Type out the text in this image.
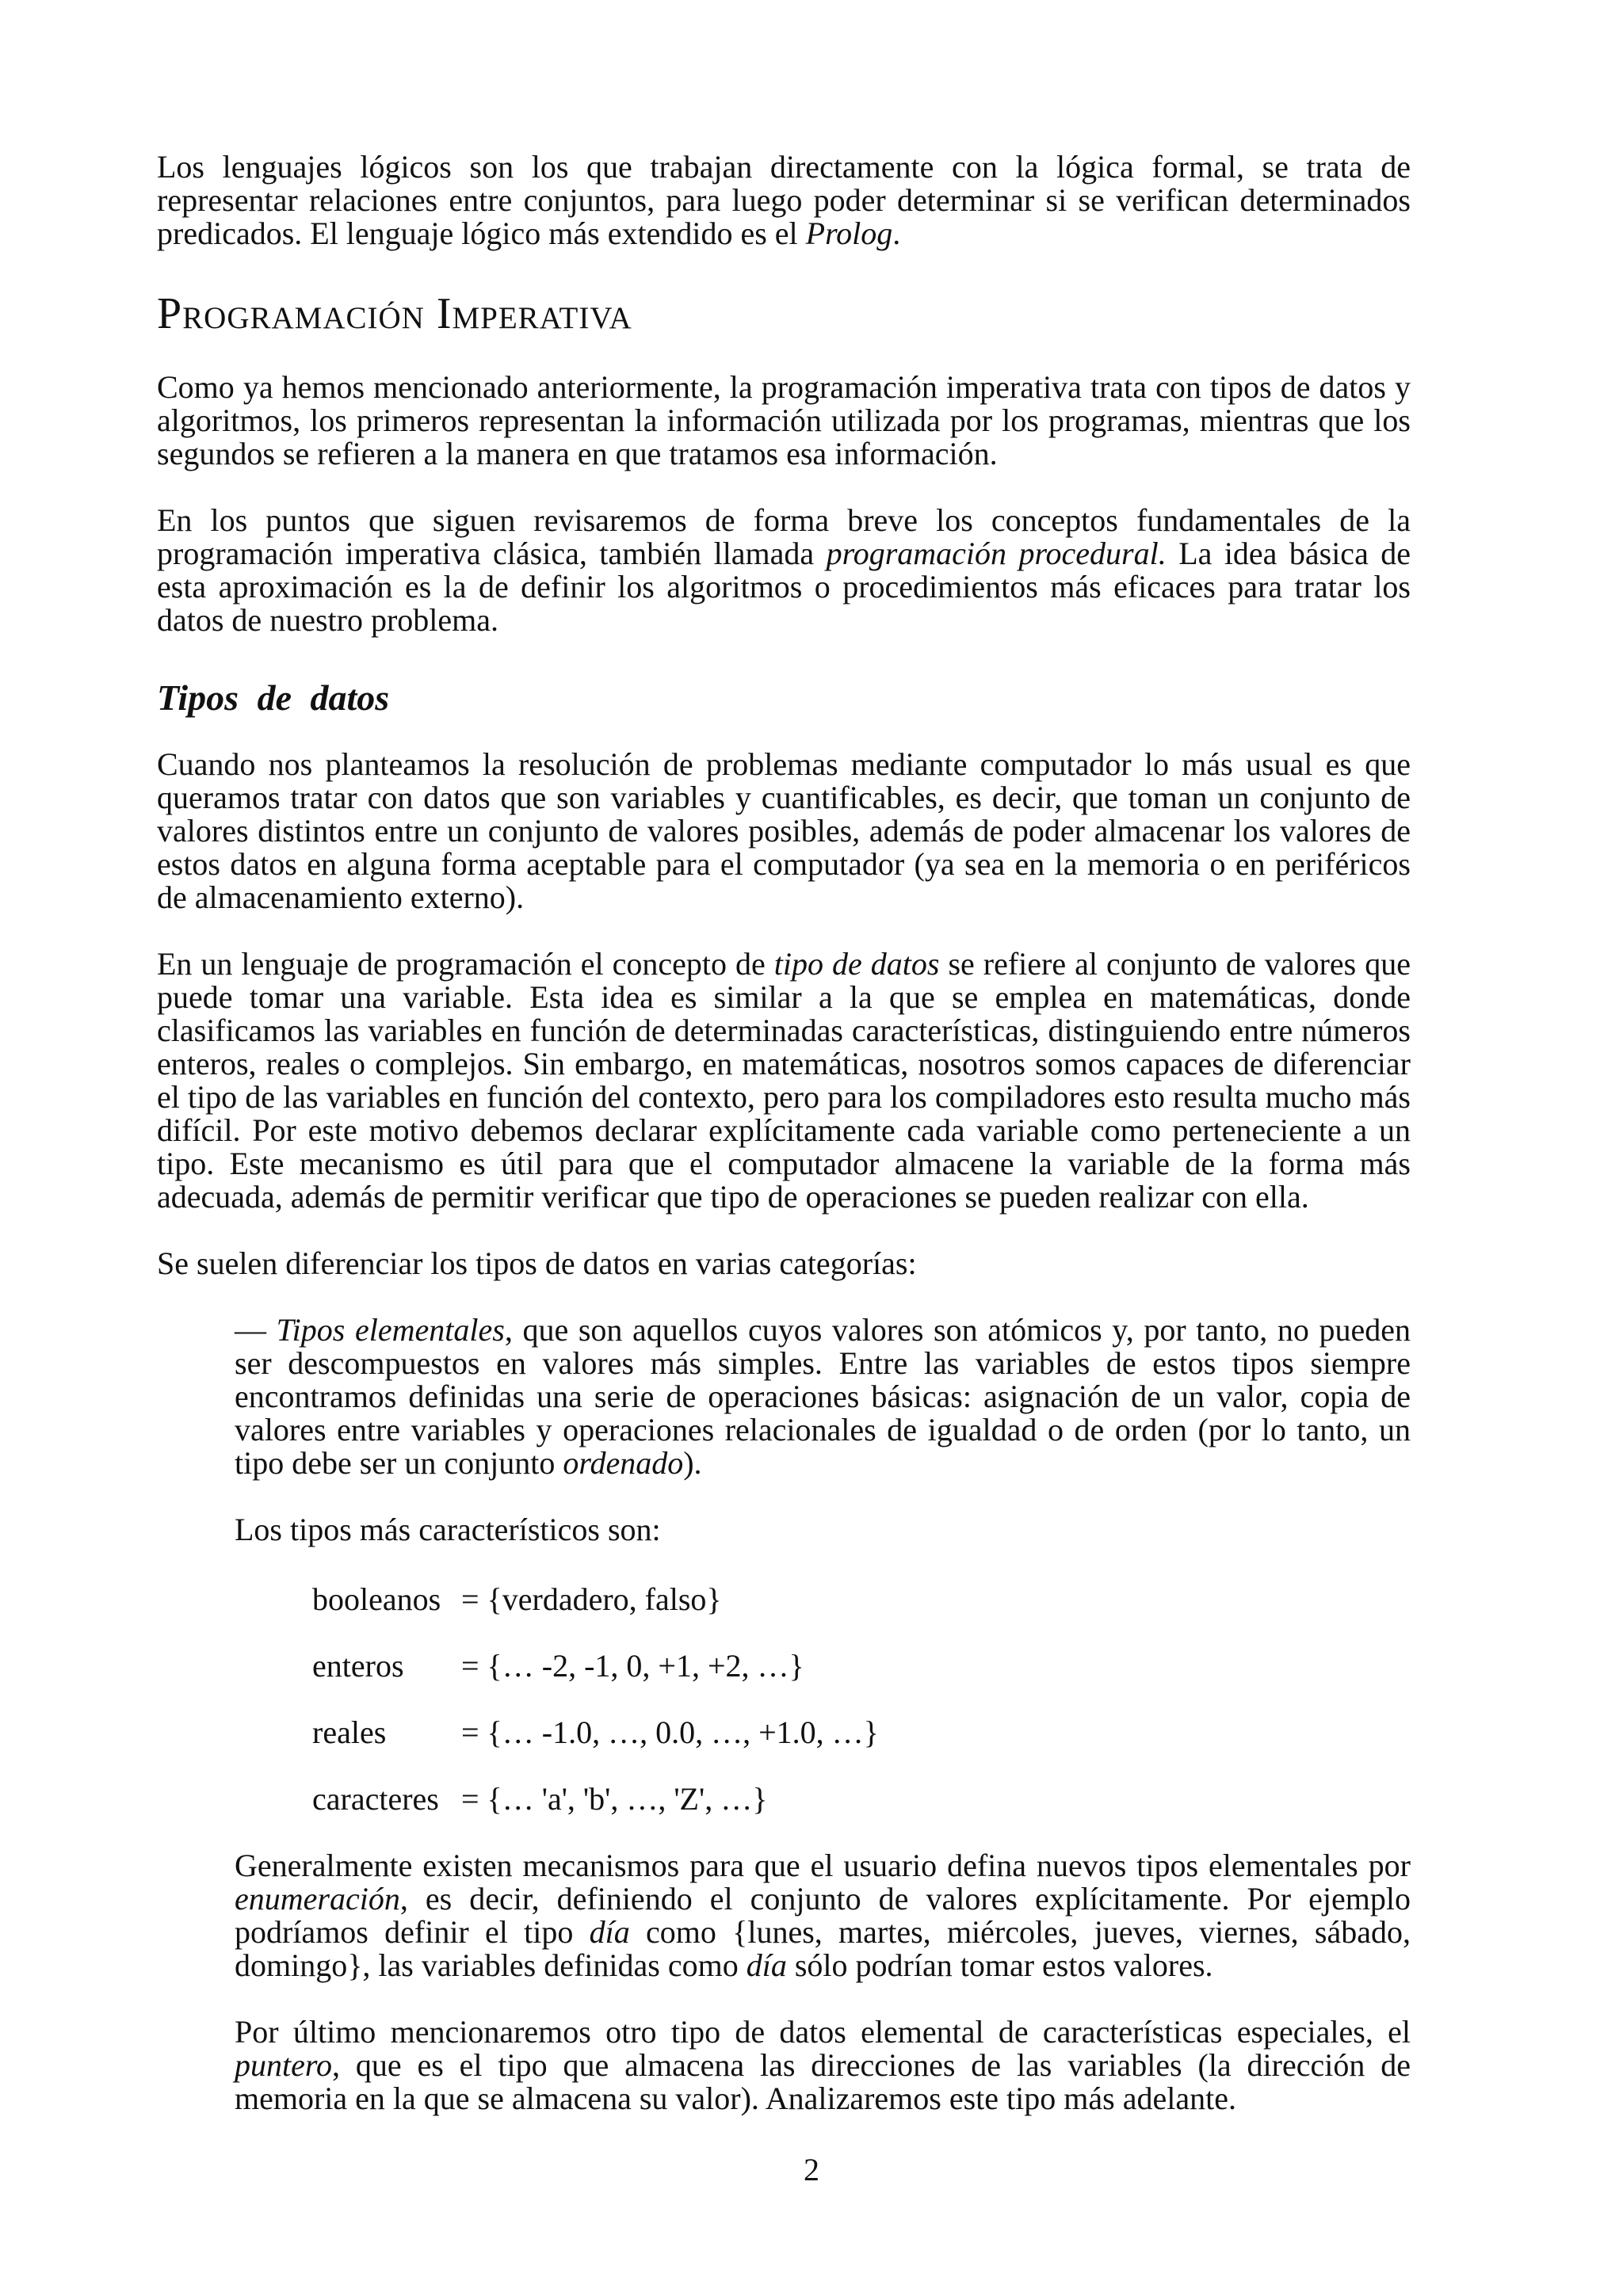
Los lenguajes lógicos son los que trabajan directamente con la lógica formal, se trata de representar relaciones entre conjuntos, para luego poder determinar si se verifican determinados predicados. El lenguaje lógico más extendido es el Prolog.

Programación Imperativa

Como ya hemos mencionado anteriormente, la programación imperativa trata con tipos de datos y algoritmos, los primeros representan la información utilizada por los programas, mientras que los segundos se refieren a la manera en que tratamos esa información.

En los puntos que siguen revisaremos de forma breve los conceptos fundamentales de la programación imperativa clásica, también llamada programación procedural. La idea básica de esta aproximación es la de definir los algoritmos o procedimientos más eficaces para tratar los datos de nuestro problema.

Tipos de datos

Cuando nos planteamos la resolución de problemas mediante computador lo más usual es que queramos tratar con datos que son variables y cuantificables, es decir, que toman un conjunto de valores distintos entre un conjunto de valores posibles, además de poder almacenar los valores de estos datos en alguna forma aceptable para el computador (ya sea en la memoria o en periféricos de almacenamiento externo).

En un lenguaje de programación el concepto de tipo de datos se refiere al conjunto de valores que puede tomar una variable. Esta idea es similar a la que se emplea en matemáticas, donde clasificamos las variables en función de determinadas características, distinguiendo entre números enteros, reales o complejos. Sin embargo, en matemáticas, nosotros somos capaces de diferenciar el tipo de las variables en función del contexto, pero para los compiladores esto resulta mucho más difícil. Por este motivo debemos declarar explícitamente cada variable como perteneciente a un tipo. Este mecanismo es útil para que el computador almacene la variable de la forma más adecuada, además de permitir verificar que tipo de operaciones se pueden realizar con ella.

Se suelen diferenciar los tipos de datos en varias categorías:

— Tipos elementales, que son aquellos cuyos valores son atómicos y, por tanto, no pueden ser descompuestos en valores más simples. Entre las variables de estos tipos siempre encontramos definidas una serie de operaciones básicas: asignación de un valor, copia de valores entre variables y operaciones relacionales de igualdad o de orden (por lo tanto, un tipo debe ser un conjunto ordenado).

Los tipos más característicos son:

booleanos = {verdadero, falso}
enteros	= {… -2, -1, 0, +1, +2, …}
reales	= {… -1.0, …, 0.0, …, +1.0, …}
caracteres = {… 'a', 'b', …, 'Z', …}

Generalmente existen mecanismos para que el usuario defina nuevos tipos elementales por enumeración, es decir, definiendo el conjunto de valores explícitamente. Por ejemplo podríamos definir el tipo día como {lunes, martes, miércoles, jueves, viernes, sábado, domingo}, las variables definidas como día sólo podrían tomar estos valores.

Por último mencionaremos otro tipo de datos elemental de características especiales, el puntero, que es el tipo que almacena las direcciones de las variables (la dirección de memoria en la que se almacena su valor). Analizaremos este tipo más adelante.

2
